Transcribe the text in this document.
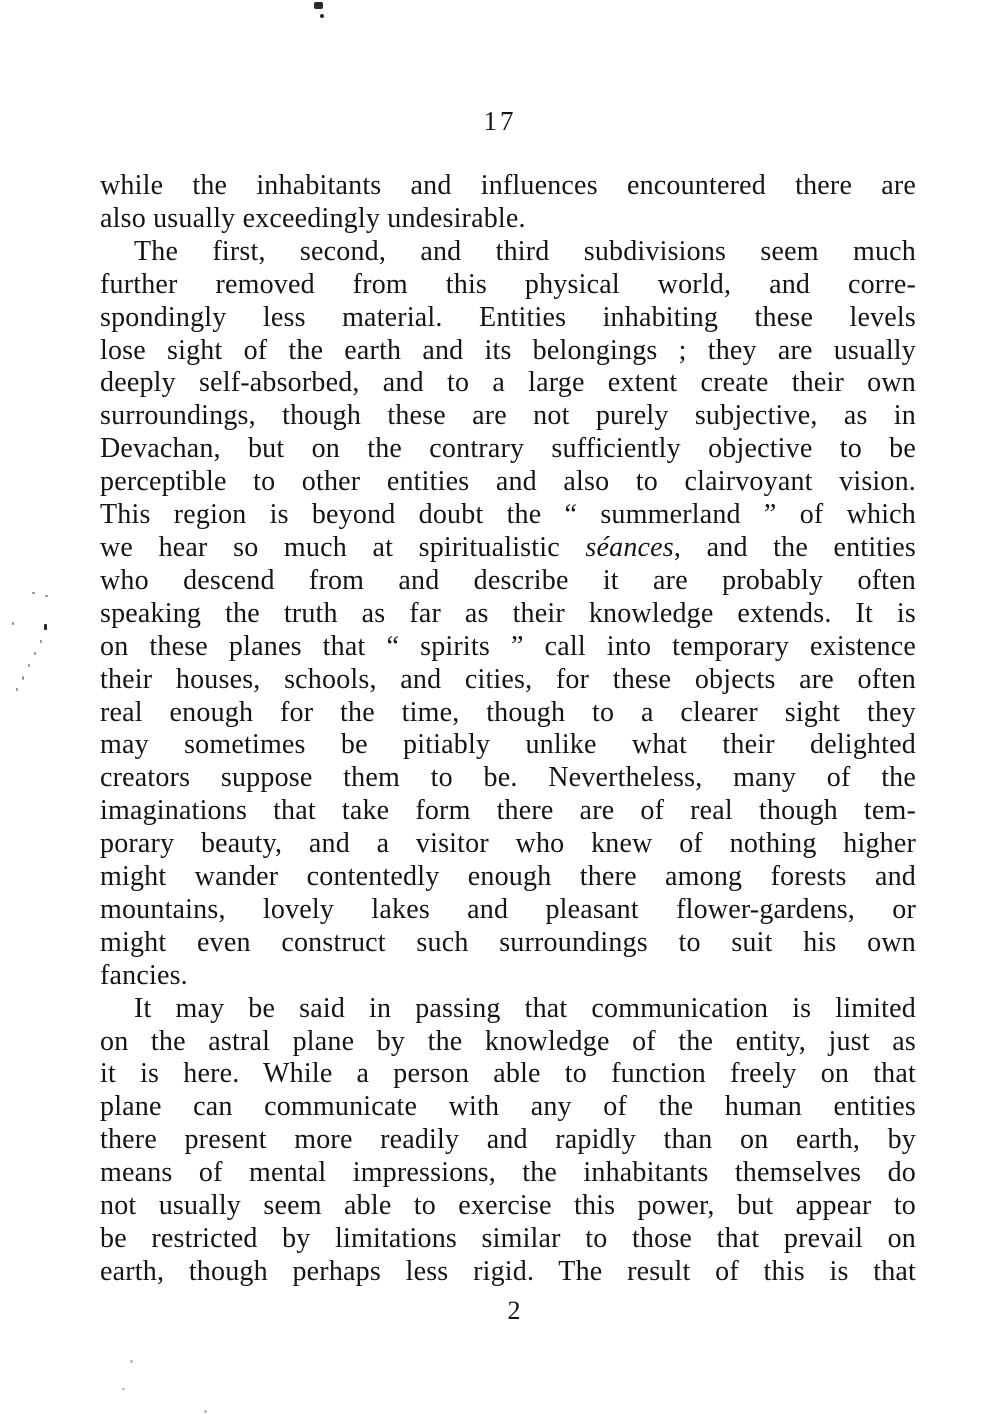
17
while the inhabitants and influences encountered there are
also usually exceedingly undesirable.
The first, second, and third subdivisions seem much
further removed from this physical world, and corre-
spondingly less material. Entities inhabiting these levels
lose sight of the earth and its belongings ; they are usually
deeply self-absorbed, and to a large extent create their own
surroundings, though these are not purely subjective, as in
Devachan, but on the contrary sufficiently objective to be
perceptible to other entities and also to clairvoyant vision.
This region is beyond doubt the “ summerland ” of which
we hear so much at spiritualistic séances, and the entities
who descend from and describe it are probably often
speaking the truth as far as their knowledge extends. It is
on these planes that “ spirits ” call into temporary existence
their houses, schools, and cities, for these objects are often
real enough for the time, though to a clearer sight they
may sometimes be pitiably unlike what their delighted
creators suppose them to be. Nevertheless, many of the
imaginations that take form there are of real though tem-
porary beauty, and a visitor who knew of nothing higher
might wander contentedly enough there among forests and
mountains, lovely lakes and pleasant flower-gardens, or
might even construct such surroundings to suit his own
fancies.
It may be said in passing that communication is limited
on the astral plane by the knowledge of the entity, just as
it is here. While a person able to function freely on that
plane can communicate with any of the human entities
there present more readily and rapidly than on earth, by
means of mental impressions, the inhabitants themselves do
not usually seem able to exercise this power, but appear to
be restricted by limitations similar to those that prevail on
earth, though perhaps less rigid. The result of this is that
2
